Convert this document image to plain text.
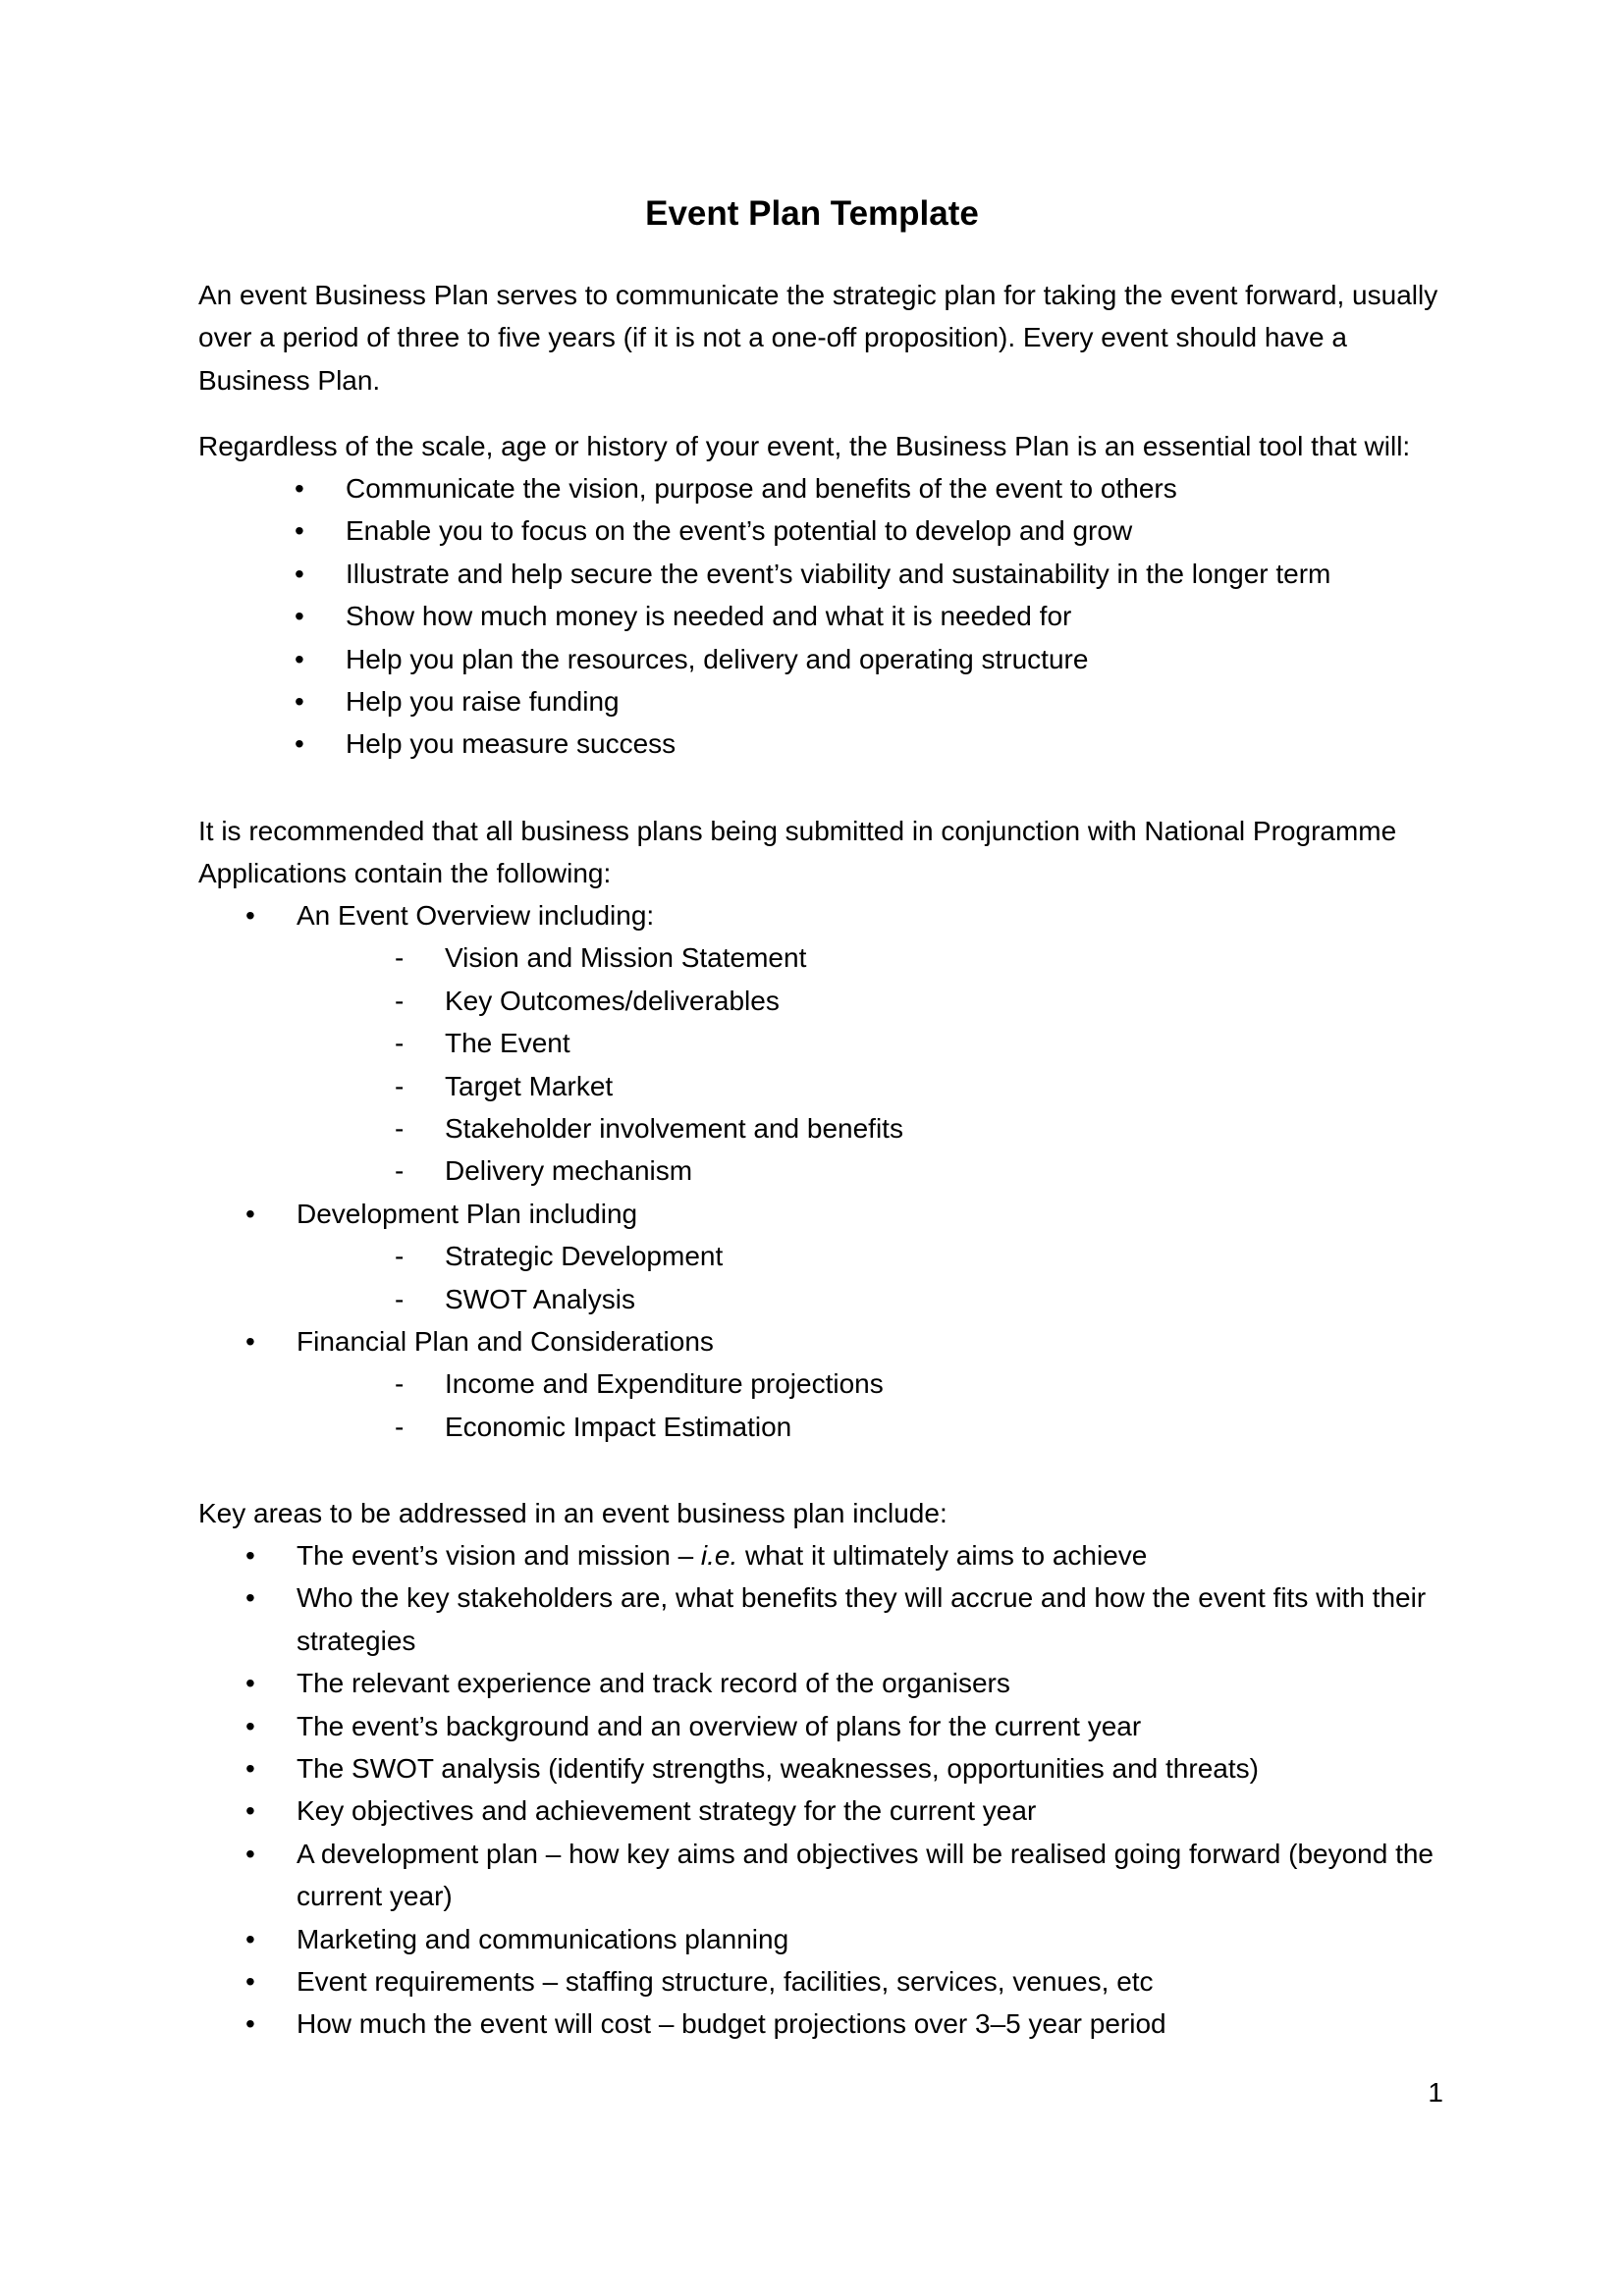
Event Plan Template

An event Business Plan serves to communicate the strategic plan for taking the event forward, usually over a period of three to five years (if it is not a one-off proposition). Every event should have a Business Plan.

Regardless of the scale, age or history of your event, the Business Plan is an essential tool that will:

• Communicate the vision, purpose and benefits of the event to others
• Enable you to focus on the event’s potential to develop and grow
• Illustrate and help secure the event’s viability and sustainability in the longer term
• Show how much money is needed and what it is needed for
• Help you plan the resources, delivery and operating structure
• Help you raise funding
• Help you measure success

It is recommended that all business plans being submitted in conjunction with National Programme Applications contain the following:

• An Event Overview including:
- Vision and Mission Statement
- Key Outcomes/deliverables
- The Event
- Target Market
- Stakeholder involvement and benefits
- Delivery mechanism
• Development Plan including
- Strategic Development
- SWOT Analysis
• Financial Plan and Considerations
- Income and Expenditure projections
- Economic Impact Estimation

Key areas to be addressed in an event business plan include:

• The event’s vision and mission – i.e. what it ultimately aims to achieve
• Who the key stakeholders are, what benefits they will accrue and how the event fits with their strategies
• The relevant experience and track record of the organisers
• The event’s background and an overview of plans for the current year
• The SWOT analysis (identify strengths, weaknesses, opportunities and threats)
• Key objectives and achievement strategy for the current year
• A development plan – how key aims and objectives will be realised going forward (beyond the current year)
• Marketing and communications planning
• Event requirements – staffing structure, facilities, services, venues, etc
• How much the event will cost – budget projections over 3–5 year period
1
